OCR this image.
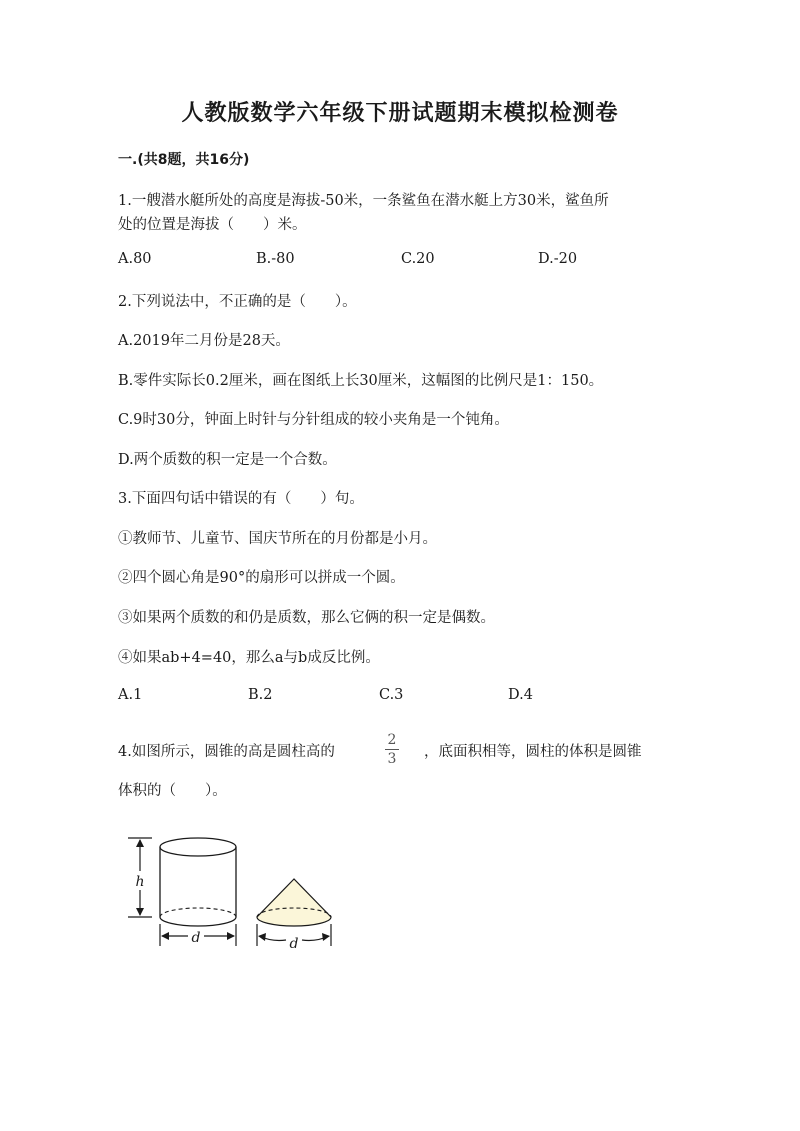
人教版数学六年级下册试题期末模拟检测卷
一.(共8题，共16分)
1.一艘潜水艇所处的高度是海拔-50米，一条鲨鱼在潜水艇上方30米，鲨鱼所
处的位置是海拔（　　）米。
A.80	B.-80	C.20	D.-20
2.下列说法中，不正确的是（　　）。
A.2019年二月份是28天。
B.零件实际长0.2厘米，画在图纸上长30厘米，这幅图的比例尺是1：150。
C.9时30分，钟面上时针与分针组成的较小夹角是一个钝角。
D.两个质数的积一定是一个合数。
3.下面四句话中错误的有（　　）句。
①教师节、儿童节、国庆节所在的月份都是小月。
②四个圆心角是90°的扇形可以拼成一个圆。
③如果两个质数的和仍是质数，那么它俩的积一定是偶数。
④如果ab+4=40，那么a与b成反比例。
A.1	B.2	C.3	D.4
4.如图所示，圆锥的高是圆柱高的
2
3	，底面积相等，圆柱的体积是圆锥
体积的（　　）。
h
d	d
